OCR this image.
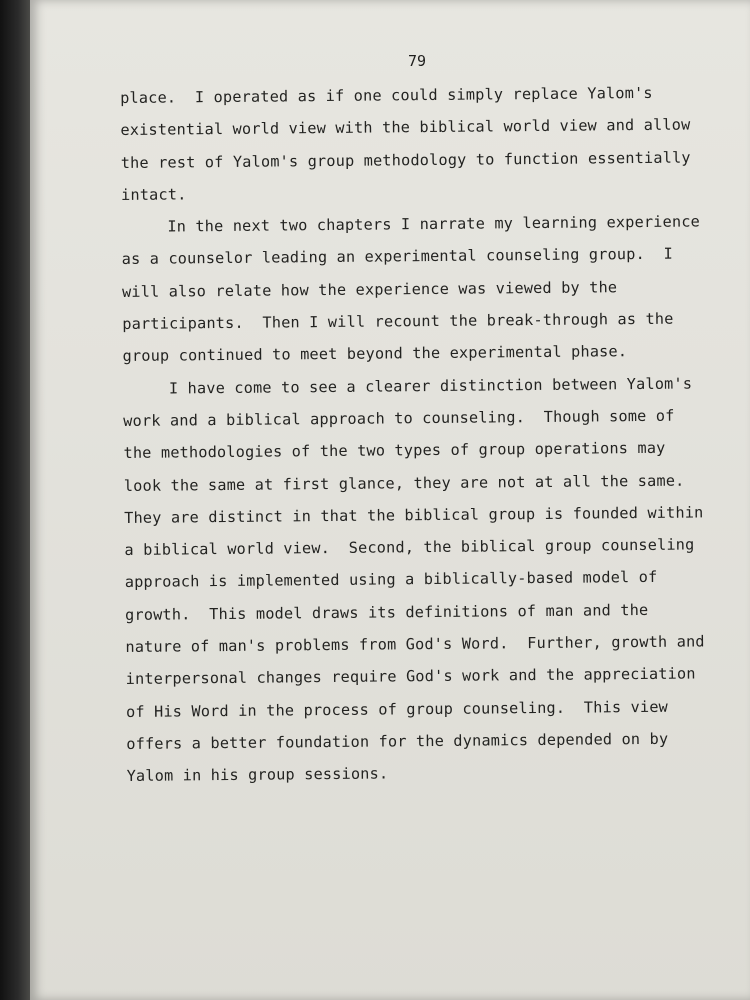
79
place.  I operated as if one could simply replace Yalom's
existential world view with the biblical world view and allow
the rest of Yalom's group methodology to function essentially
intact.
In the next two chapters I narrate my learning experience
as a counselor leading an experimental counseling group.  I
will also relate how the experience was viewed by the
participants.  Then I will recount the break-through as the
group continued to meet beyond the experimental phase.
I have come to see a clearer distinction between Yalom's
work and a biblical approach to counseling.  Though some of
the methodologies of the two types of group operations may
look the same at first glance, they are not at all the same.
They are distinct in that the biblical group is founded within
a biblical world view.  Second, the biblical group counseling
approach is implemented using a biblically-based model of
growth.  This model draws its definitions of man and the
nature of man's problems from God's Word.  Further, growth and
interpersonal changes require God's work and the appreciation
of His Word in the process of group counseling.  This view
offers a better foundation for the dynamics depended on by
Yalom in his group sessions.
